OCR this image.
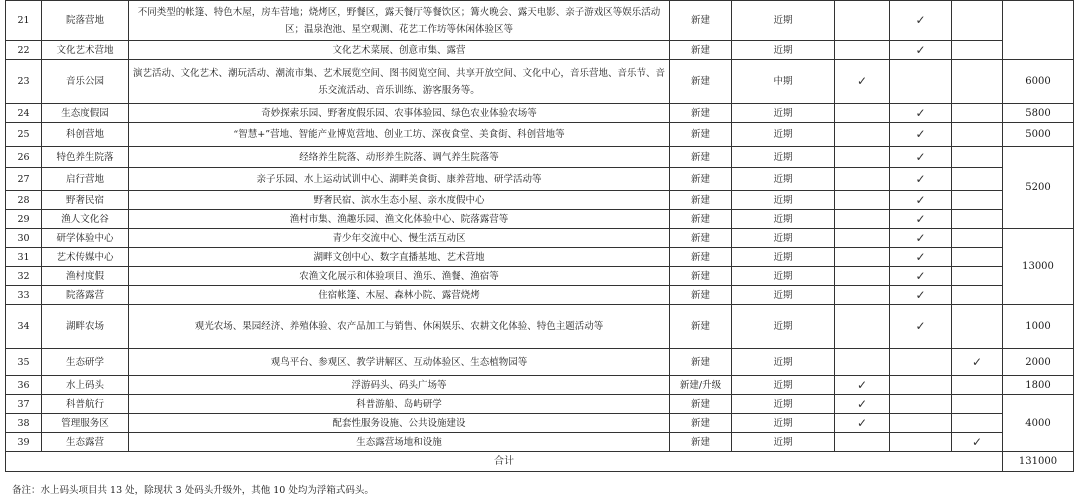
21	院落营地	不同类型的帐篷、特色木屋，房车营地；烧烤区，野餐区，露天餐厅等餐饮区；篝火晚会、露天电影、亲子游戏区等娱乐活动区；温泉泡池、星空观测、花艺工作坊等休闲体验区等	新建	近期		✓		
22	文化艺术营地	文化艺术菜展、创意市集、露营	新建	近期		✓		
23	音乐公园	演艺活动、文化艺术、潮玩活动、潮流市集、艺术展览空间、图书阅览空间、共享开放空间、文化中心，音乐营地、音乐节、音乐交流活动、音乐训练、游客服务等。	新建	中期	✓			6000
24	生态度假园	奇妙探索乐园、野奢度假乐园、农事体验园、绿色农业体验农场等	新建	近期		✓		5800
25	科创营地	“智慧+”营地、智能产业博览营地、创业工坊、深夜食堂、美食街、科创营地等	新建	近期		✓		5000
26	特色养生院落	经络养生院落、动形养生院落、调气养生院落等	新建	近期		✓		5200
27	启行营地	亲子乐园、水上运动试训中心、湖畔美食街、康养营地、研学活动等	新建	近期		✓		
28	野奢民宿	野奢民宿、滨水生态小屋、亲水度假中心	新建	近期		✓		
29	渔人文化谷	渔村市集、渔趣乐园、渔文化体验中心、院落露营等	新建	近期		✓		
30	研学体验中心	青少年交流中心、慢生活互动区	新建	近期		✓		13000
31	艺术传媒中心	湖畔文创中心、数字直播基地、艺术营地	新建	近期		✓		
32	渔村度假	农渔文化展示和体验项目、渔乐、渔餐、渔宿等	新建	近期		✓		
33	院落露营	住宿帐篷、木屋、森林小院、露营烧烤	新建	近期		✓		
34	湖畔农场	观光农场、果园经济、养殖体验、农产品加工与销售、休闲娱乐、农耕文化体验、特色主题活动等	新建	近期		✓		1000
35	生态研学	观鸟平台、参观区、教学讲解区、互动体验区、生态植物园等	新建	近期			✓	2000
36	水上码头	浮游码头、码头广场等	新建/升级	近期	✓			1800
37	科普航行	科普游船、岛屿研学	新建	近期	✓			4000
38	管理服务区	配套性服务设施、公共设施建设	新建	近期	✓			
39	生态露营	生态露营场地和设施	新建	近期			✓	
合计								131000
备注：水上码头项目共 13 处，除现状 3 处码头升级外，其他 10 处均为浮箱式码头。
